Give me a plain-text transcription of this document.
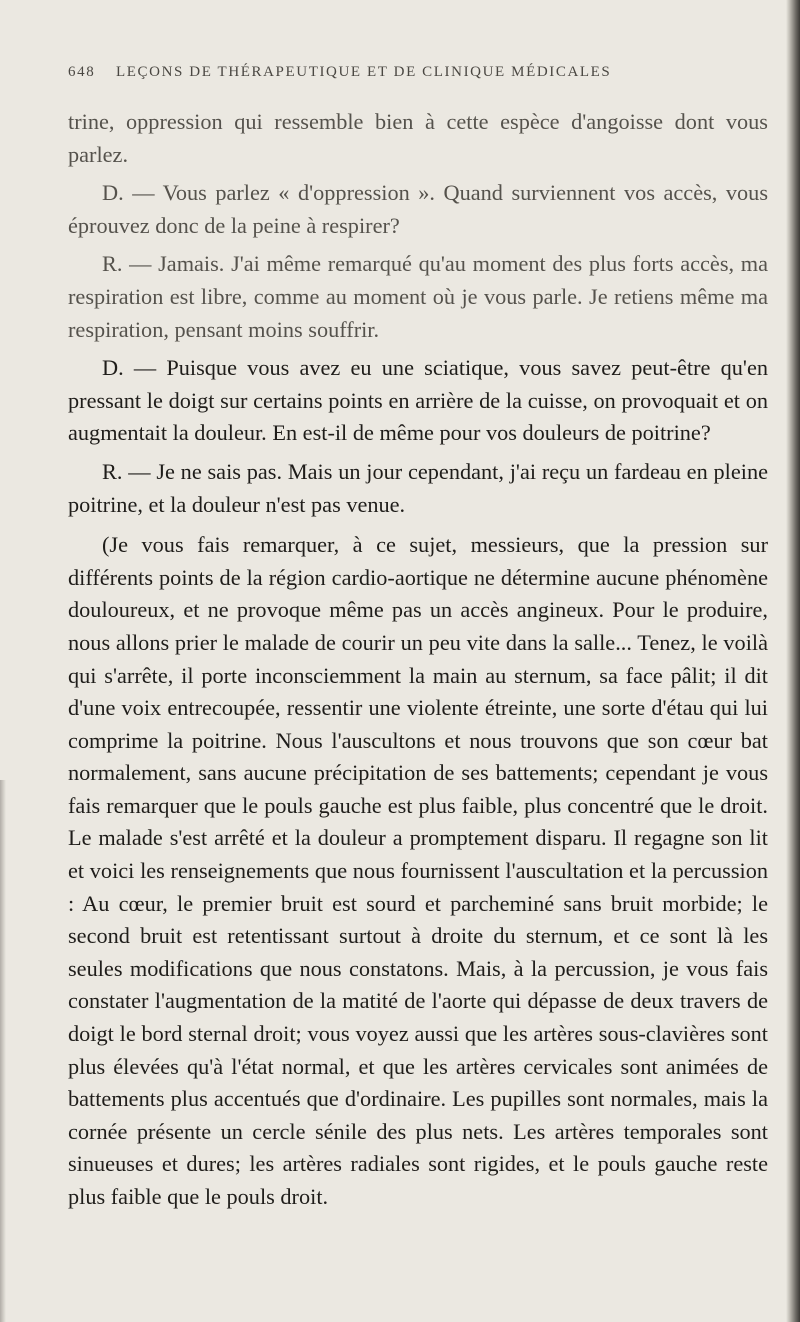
648 LEÇONS DE THÉRAPEUTIQUE ET DE CLINIQUE MÉDICALES

trine, oppression qui ressemble bien à cette espèce d'angoisse dont vous parlez.

D. — Vous parlez « d'oppression ». Quand surviennent vos accès, vous éprouvez donc de la peine à respirer?

R. — Jamais. J'ai même remarqué qu'au moment des plus forts accès, ma respiration est libre, comme au moment où je vous parle. Je retiens même ma respiration, pensant moins souffrir.

D. — Puisque vous avez eu une sciatique, vous savez peut-être qu'en pressant le doigt sur certains points en arrière de la cuisse, on provoquait et on augmentait la douleur. En est-il de même pour vos douleurs de poitrine?

R. — Je ne sais pas. Mais un jour cependant, j'ai reçu un fardeau en pleine poitrine, et la douleur n'est pas venue.

(Je vous fais remarquer, à ce sujet, messieurs, que la pression sur différents points de la région cardio-aortique ne détermine aucune phénomène douloureux, et ne provoque même pas un accès angineux. Pour le produire, nous allons prier le malade de courir un peu vite dans la salle... Tenez, le voilà qui s'arrête, il porte inconsciemment la main au sternum, sa face pâlit; il dit d'une voix entrecoupée, ressentir une violente étreinte, une sorte d'étau qui lui comprime la poitrine. Nous l'auscultons et nous trouvons que son cœur bat normalement, sans aucune précipitation de ses battements; cependant je vous fais remarquer que le pouls gauche est plus faible, plus concentré que le droit. Le malade s'est arrêté et la douleur a promptement disparu. Il regagne son lit et voici les renseignements que nous fournissent l'auscultation et la percussion : Au cœur, le premier bruit est sourd et parcheminé sans bruit morbide; le second bruit est retentissant surtout à droite du sternum, et ce sont là les seules modifications que nous constatons. Mais, à la percussion, je vous fais constater l'augmentation de la matité de l'aorte qui dépasse de deux travers de doigt le bord sternal droit; vous voyez aussi que les artères sous-clavières sont plus élevées qu'à l'état normal, et que les artères cervicales sont animées de battements plus accentués que d'ordinaire. Les pupilles sont normales, mais la cornée présente un cercle sénile des plus nets. Les artères temporales sont sinueuses et dures; les artères radiales sont rigides, et le pouls gauche reste plus faible que le pouls droit.
